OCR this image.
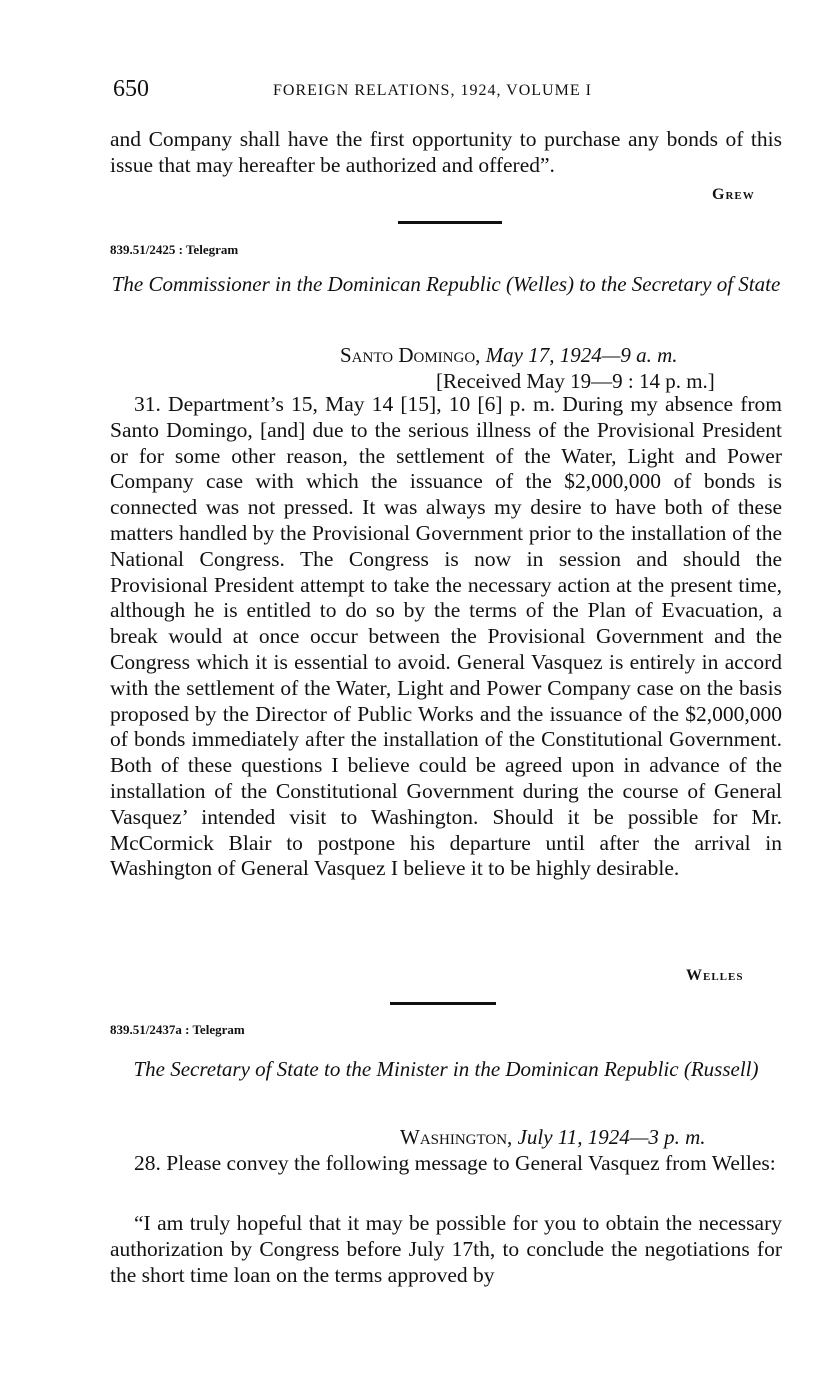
650	FOREIGN RELATIONS, 1924, VOLUME I

and Company shall have the first opportunity to purchase any bonds of this issue that may hereafter be authorized and offered”.

Grew
839.51/2425 : Telegram
The Commissioner in the Dominican Republic (Welles) to the Secretary of State
Santo Domingo, May 17, 1924—9 a. m.
[Received May 19—9 : 14 p. m.]

31. Department’s 15, May 14 [15], 10 [6] p. m. During my absence from Santo Domingo, [and] due to the serious illness of the Provisional President or for some other reason, the settlement of the Water, Light and Power Company case with which the issuance of the $2,000,000 of bonds is connected was not pressed. It was always my desire to have both of these matters handled by the Provisional Government prior to the installation of the National Congress. The Congress is now in session and should the Provisional President attempt to take the necessary action at the present time, although he is entitled to do so by the terms of the Plan of Evacuation, a break would at once occur between the Provisional Government and the Congress which it is essential to avoid. General Vasquez is entirely in accord with the settlement of the Water, Light and Power Company case on the basis proposed by the Director of Public Works and the issuance of the $2,000,000 of bonds immediately after the installation of the Constitutional Government. Both of these questions I believe could be agreed upon in advance of the installation of the Constitutional Government during the course of General Vasquez’ intended visit to Washington. Should it be possible for Mr. McCormick Blair to postpone his departure until after the arrival in Washington of General Vasquez I believe it to be highly desirable.

Welles
839.51/2437a : Telegram
The Secretary of State to the Minister in the Dominican Republic (Russell)
Washington, July 11, 1924—3 p. m.

28. Please convey the following message to General Vasquez from Welles:

“I am truly hopeful that it may be possible for you to obtain the necessary authorization by Congress before July 17th, to conclude the negotiations for the short time loan on the terms approved by
